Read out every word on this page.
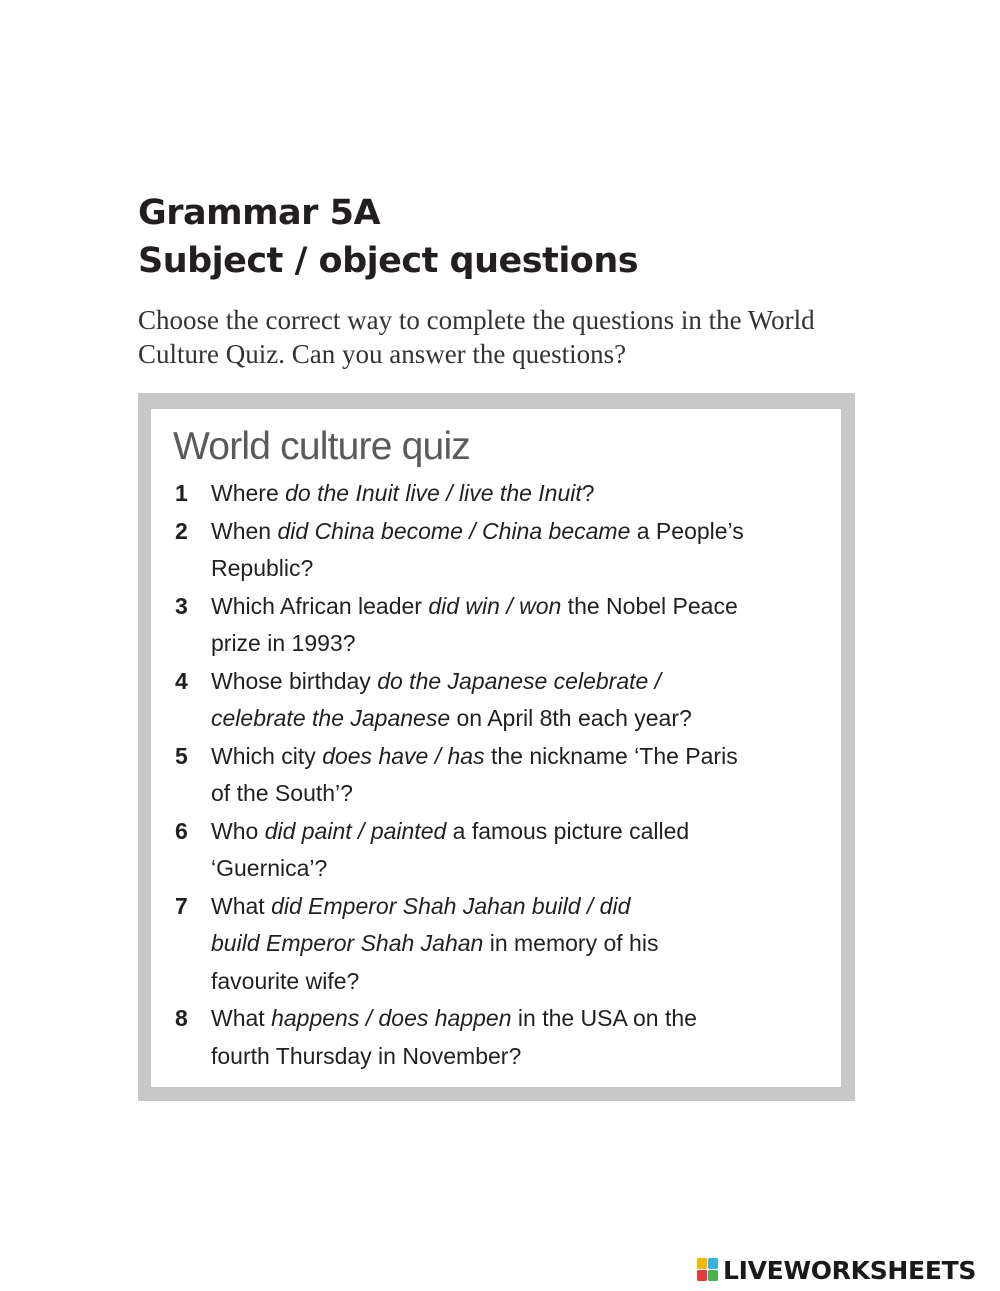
Grammar 5A
Subject / object questions

Choose the correct way to complete the questions in the World Culture Quiz. Can you answer the questions?

World culture quiz
1	Where do the Inuit live / live the Inuit?
2	When did China become / China became a People’s
Republic?
3	Which African leader did win / won the Nobel Peace
prize in 1993?
4	Whose birthday do the Japanese celebrate /
celebrate the Japanese on April 8th each year?
5	Which city does have / has the nickname ‘The Paris
of the South’?
6	Who did paint / painted a famous picture called
‘Guernica’?
7	What did Emperor Shah Jahan build / did
build Emperor Shah Jahan in memory of his
favourite wife?
8	What happens / does happen in the USA on the
fourth Thursday in November?
LIVEWORKSHEETS
